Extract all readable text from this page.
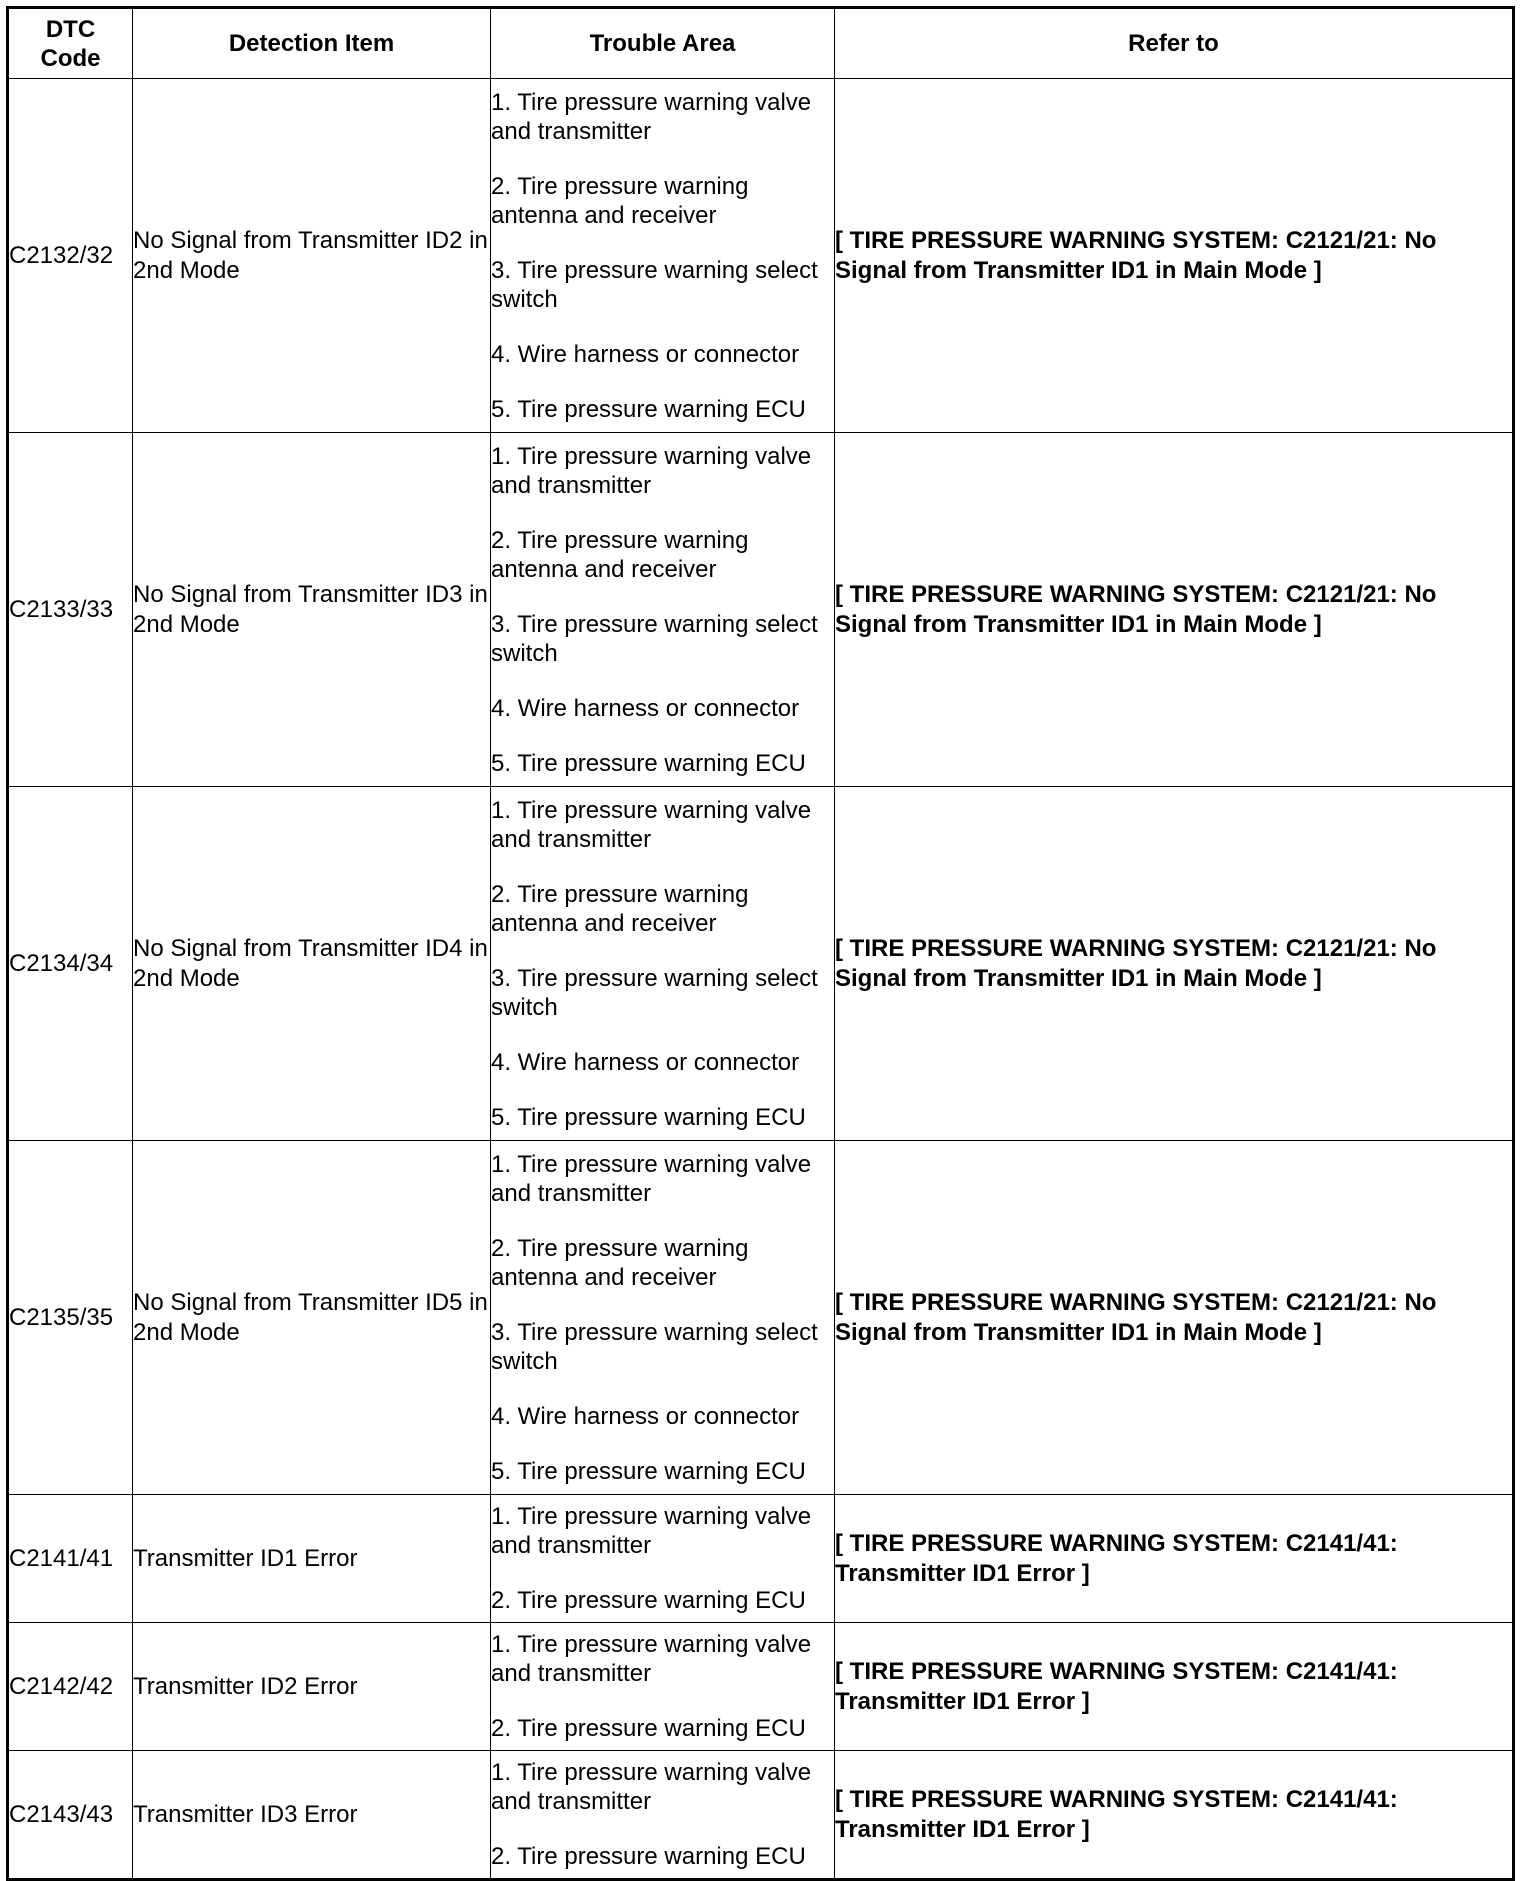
DTC Code	Detection Item	Trouble Area	Refer to
C2132/32	No Signal from Transmitter ID2 in 2nd Mode	1. Tire pressure warning valve and transmitter
2. Tire pressure warning antenna and receiver
3. Tire pressure warning select switch
4. Wire harness or connector
5. Tire pressure warning ECU	[ TIRE PRESSURE WARNING SYSTEM: C2121/21: No Signal from Transmitter ID1 in Main Mode ]
C2133/33	No Signal from Transmitter ID3 in 2nd Mode	1. Tire pressure warning valve and transmitter
2. Tire pressure warning antenna and receiver
3. Tire pressure warning select switch
4. Wire harness or connector
5. Tire pressure warning ECU	[ TIRE PRESSURE WARNING SYSTEM: C2121/21: No Signal from Transmitter ID1 in Main Mode ]
C2134/34	No Signal from Transmitter ID4 in 2nd Mode	1. Tire pressure warning valve and transmitter
2. Tire pressure warning antenna and receiver
3. Tire pressure warning select switch
4. Wire harness or connector
5. Tire pressure warning ECU	[ TIRE PRESSURE WARNING SYSTEM: C2121/21: No Signal from Transmitter ID1 in Main Mode ]
C2135/35	No Signal from Transmitter ID5 in 2nd Mode	1. Tire pressure warning valve and transmitter
2. Tire pressure warning antenna and receiver
3. Tire pressure warning select switch
4. Wire harness or connector
5. Tire pressure warning ECU	[ TIRE PRESSURE WARNING SYSTEM: C2121/21: No Signal from Transmitter ID1 in Main Mode ]
C2141/41	Transmitter ID1 Error	1. Tire pressure warning valve and transmitter
2. Tire pressure warning ECU	[ TIRE PRESSURE WARNING SYSTEM: C2141/41: Transmitter ID1 Error ]
C2142/42	Transmitter ID2 Error	1. Tire pressure warning valve and transmitter
2. Tire pressure warning ECU	[ TIRE PRESSURE WARNING SYSTEM: C2141/41: Transmitter ID1 Error ]
C2143/43	Transmitter ID3 Error	1. Tire pressure warning valve and transmitter
2. Tire pressure warning ECU	[ TIRE PRESSURE WARNING SYSTEM: C2141/41: Transmitter ID1 Error ]
